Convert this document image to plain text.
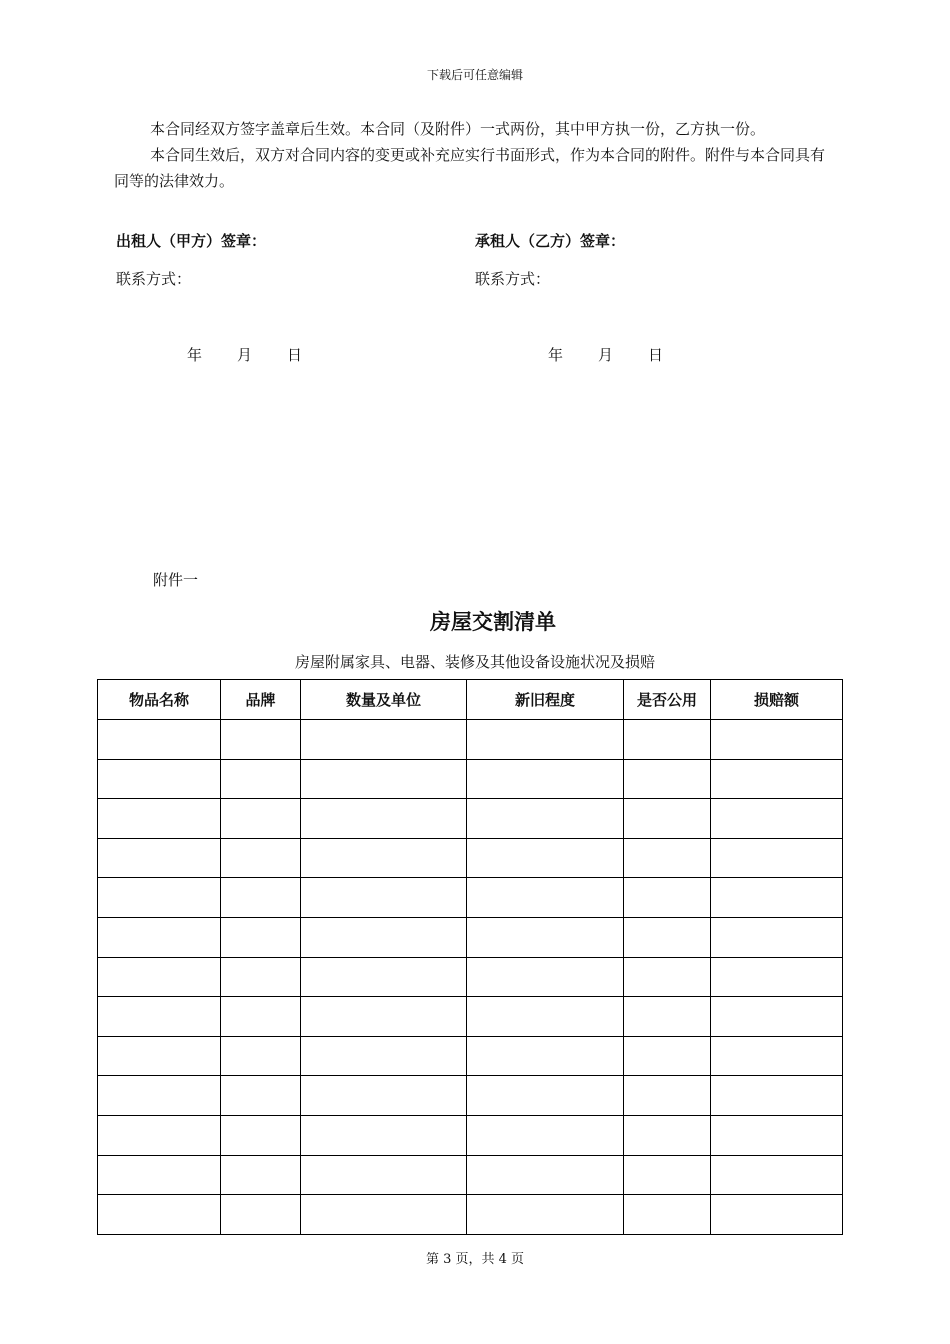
下载后可任意编辑
本合同经双方签字盖章后生效。本合同（及附件）一式两份，其中甲方执一份，乙方执一份。
本合同生效后，双方对合同内容的变更或补充应实行书面形式，作为本合同的附件。附件与本合同具有同等的法律效力。
出租人（甲方）签章：	承租人（乙方）签章：
联系方式：	联系方式：
年 月 日	年 月 日
附件一
房屋交割清单
房屋附属家具、电器、装修及其他设备设施状况及损赔
物品名称	品牌	数量及单位	新旧程度	是否公用	损赔额

第 3 页，共 4 页
